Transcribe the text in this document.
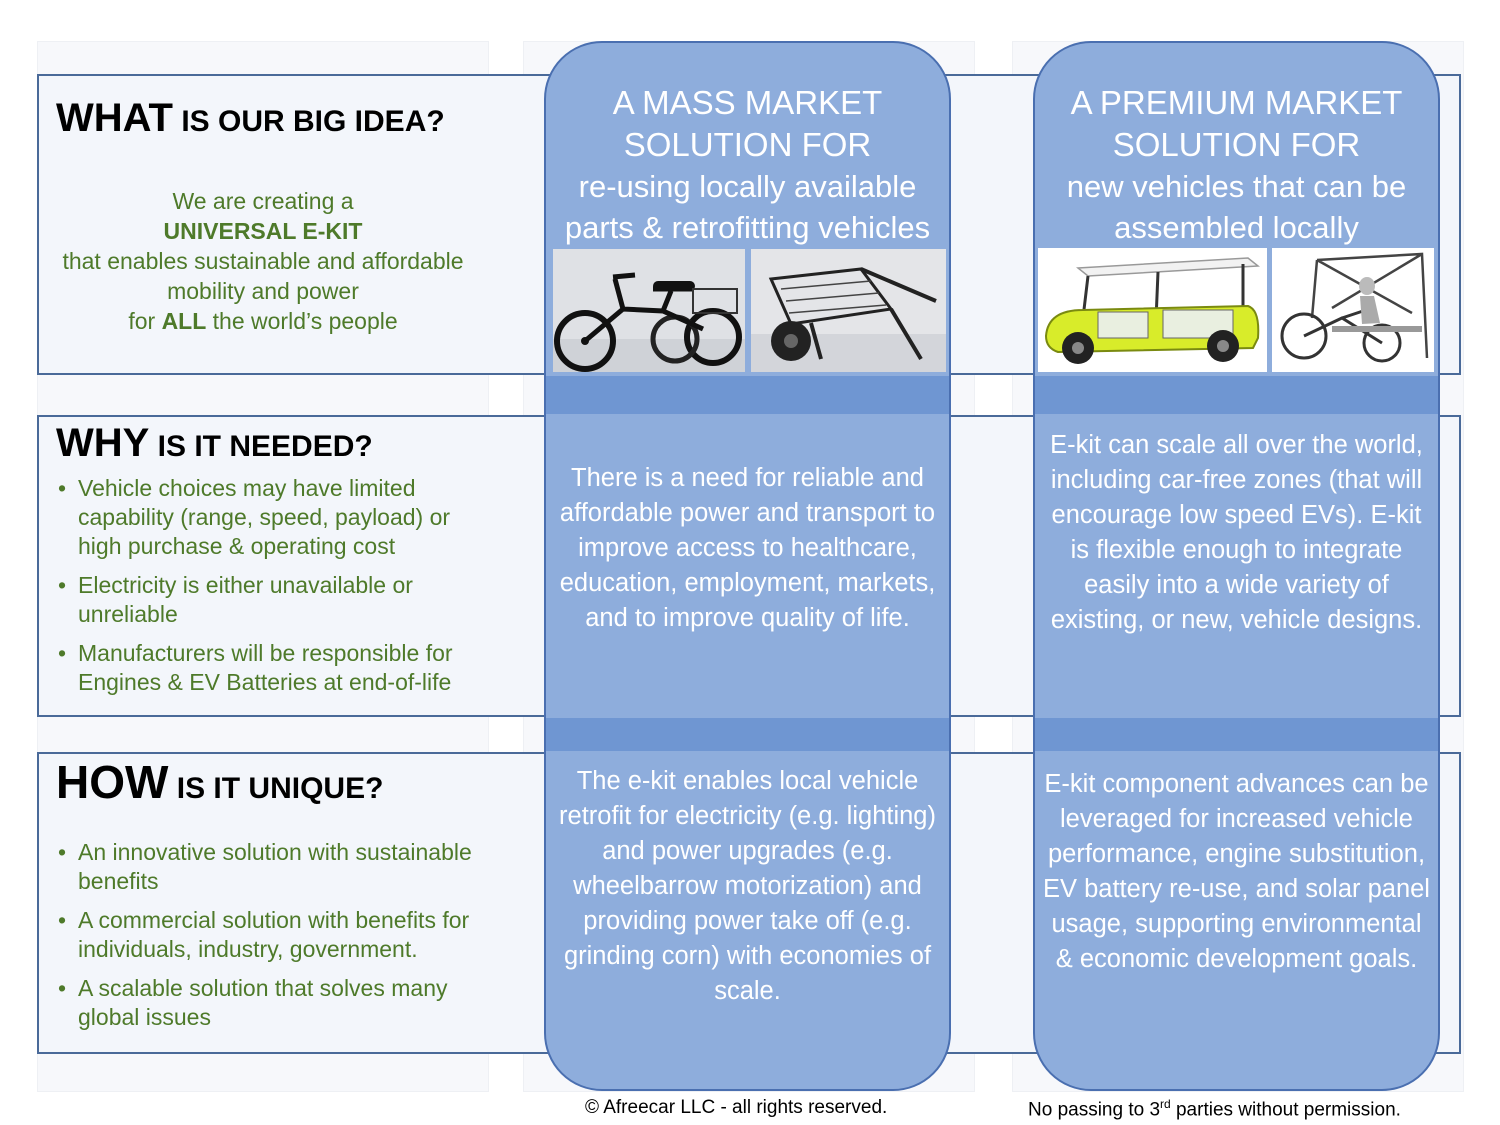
WHAT IS OUR BIG IDEA?
We are creating a
UNIVERSAL E-KIT
that enables sustainable and affordable
mobility and power
for ALL the world’s people
WHY IS IT NEEDED?
• Vehicle choices may have limited capability (range, speed, payload) or high purchase & operating cost
• Electricity is either unavailable or unreliable
• Manufacturers will be responsible for Engines & EV Batteries at end-of-life
HOW IS IT UNIQUE?
• An innovative solution with sustainable benefits
• A commercial solution with benefits for individuals, industry, government.
• A scalable solution that solves many global issues
A MASS MARKET
SOLUTION FOR
re-using locally available
parts & retrofitting vehicles
There is a need for reliable and affordable power and transport to improve access to healthcare, education, employment, markets, and to improve quality of life.
The e-kit enables local vehicle retrofit for electricity (e.g. lighting) and power upgrades (e.g. wheelbarrow motorization) and providing power take off (e.g. grinding corn) with economies of scale.
A PREMIUM MARKET
SOLUTION FOR
new vehicles that can be
assembled locally
E-kit can scale all over the world, including car-free zones (that will encourage low speed EVs). E-kit is flexible enough to integrate easily into a wide variety of existing, or new, vehicle designs.
E-kit component advances can be leveraged for increased vehicle performance, engine substitution, EV battery re-use, and solar panel usage, supporting environmental & economic development goals.
© Afreecar LLC - all rights reserved.	No passing to 3rd parties without permission.
